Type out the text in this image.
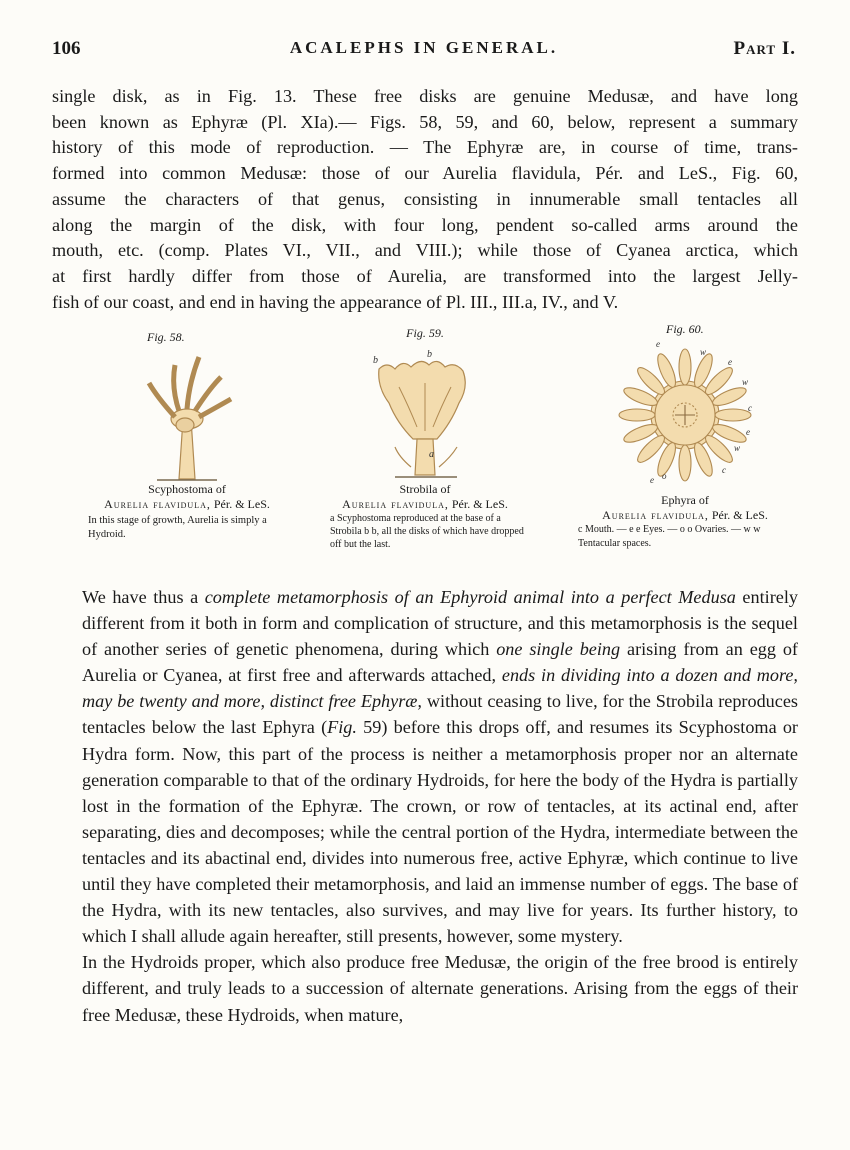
106	ACALEPHS IN GENERAL.	Part I.
single disk, as in Fig. 13. These free disks are genuine Medusæ, and have long
been known as Ephyræ (Pl. XIa).— Figs. 58, 59, and 60, below, represent a summary
history of this mode of reproduction. — The Ephyræ are, in course of time, trans-
formed into common Medusæ: those of our Aurelia flavidula, Pér. and LeS., Fig. 60,
assume the characters of that genus, consisting in innumerable small tentacles all
along the margin of the disk, with four long, pendent so-called arms around the
mouth, etc. (comp. Plates VI., VII., and VIII.); while those of Cyanea arctica, which
at first hardly differ from those of Aurelia, are transformed into the largest Jelly-
fish of our coast, and end in having the appearance of Pl. III., III.a, IV., and V.
Fig. 58.
Scyphostoma of
Aurelia flavidula, Pér. & LeS.
In this stage of growth, Aurelia is simply a Hydroid.
Fig. 59.
b
b
a
Strobila of
Aurelia flavidula, Pér. & LeS.
a Scyphostoma reproduced at the base of a Strobila b b, all the disks of which have dropped off but the last.
Fig. 60.
e
w
e
w
c
e
w
c
o
e
Ephyra of
Aurelia flavidula, Pér. & LeS.
c Mouth. — e e Eyes. — o o Ovaries. — w w Tentacular spaces.

We have thus a complete metamorphosis of an Ephyroid animal into a perfect Medusa entirely different from it both in form and complication of structure, and this metamorphosis is the sequel of another series of genetic phenomena, during which one single being arising from an egg of Aurelia or Cyanea, at first free and afterwards attached, ends in dividing into a dozen and more, may be twenty and more, distinct free Ephyræ, without ceasing to live, for the Strobila reproduces tentacles below the last Ephyra (Fig. 59) before this drops off, and resumes its Scyphostoma or Hydra form. Now, this part of the process is neither a metamorphosis proper nor an alternate generation comparable to that of the ordinary Hydroids, for here the body of the Hydra is partially lost in the formation of the Ephyræ. The crown, or row of tentacles, at its actinal end, after separating, dies and decomposes; while the central portion of the Hydra, intermediate between the tentacles and its abactinal end, divides into numerous free, active Ephyræ, which continue to live until they have completed their metamorphosis, and laid an immense number of eggs. The base of the Hydra, with its new tentacles, also survives, and may live for years. Its further history, to which I shall allude again hereafter, still presents, however, some mystery.

In the Hydroids proper, which also produce free Medusæ, the origin of the free brood is entirely different, and truly leads to a succession of alternate generations. Arising from the eggs of their free Medusæ, these Hydroids, when mature,
